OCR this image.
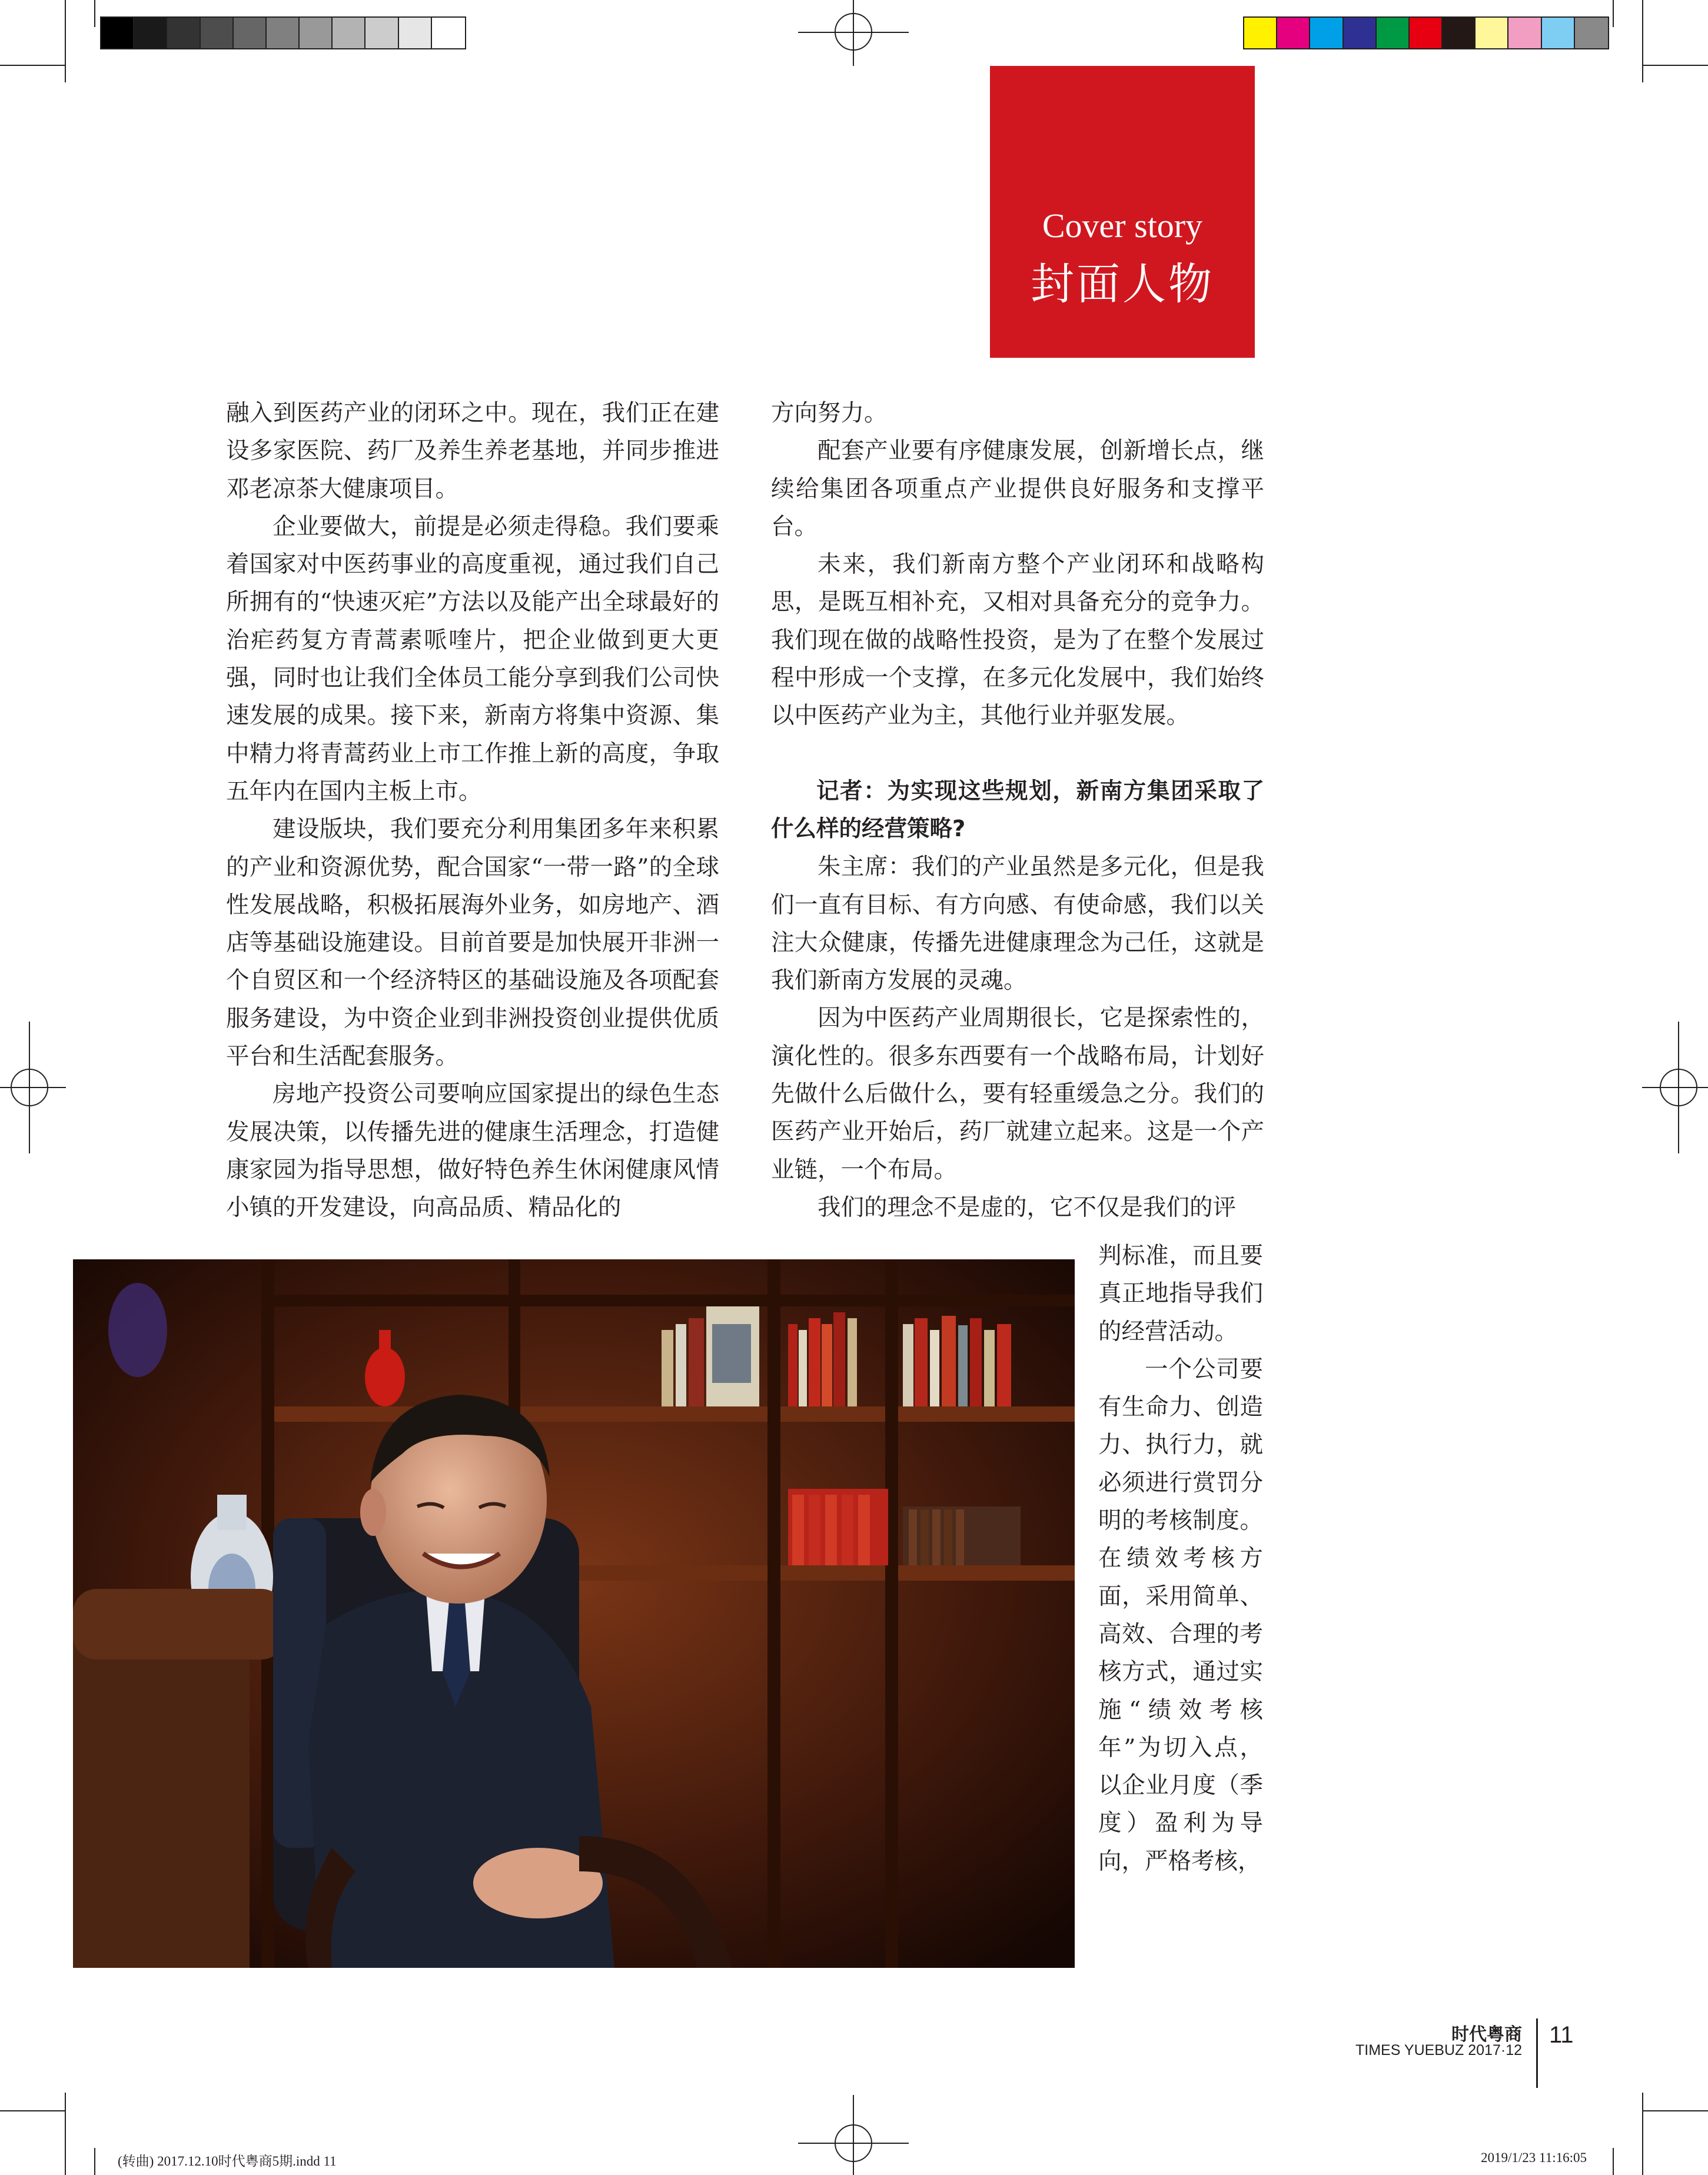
Cover story
封面人物

融入到医药产业的闭环之中。现在，我们正在建设多家医院、药厂及养生养老基地，并同步推进邓老凉茶大健康项目。

企业要做大，前提是必须走得稳。我们要乘着国家对中医药事业的高度重视，通过我们自己所拥有的“快速灭疟”方法以及能产出全球最好的治疟药复方青蒿素哌喹片，把企业做到更大更强，同时也让我们全体员工能分享到我们公司快速发展的成果。接下来，新南方将集中资源、集中精力将青蒿药业上市工作推上新的高度，争取五年内在国内主板上市。

建设版块，我们要充分利用集团多年来积累的产业和资源优势，配合国家“一带一路”的全球性发展战略，积极拓展海外业务，如房地产、酒店等基础设施建设。目前首要是加快展开非洲一个自贸区和一个经济特区的基础设施及各项配套服务建设，为中资企业到非洲投资创业提供优质平台和生活配套服务。

房地产投资公司要响应国家提出的绿色生态发展决策，以传播先进的健康生活理念，打造健康家园为指导思想，做好特色养生休闲健康风情小镇的开发建设，向高品质、精品化的

方向努力。

配套产业要有序健康发展，创新增长点，继续给集团各项重点产业提供良好服务和支撑平台。

未来，我们新南方整个产业闭环和战略构思，是既互相补充，又相对具备充分的竞争力。我们现在做的战略性投资，是为了在整个发展过程中形成一个支撑，在多元化发展中，我们始终以中医药产业为主，其他行业并驱发展。

记者：为实现这些规划，新南方集团采取了什么样的经营策略?

朱主席：我们的产业虽然是多元化，但是我们一直有目标、有方向感、有使命感，我们以关注大众健康，传播先进健康理念为己任，这就是我们新南方发展的灵魂。

因为中医药产业周期很长，它是探索性的，演化性的。很多东西要有一个战略布局，计划好先做什么后做什么，要有轻重缓急之分。我们的医药产业开始后，药厂就建立起来。这是一个产业链，一个布局。

我们的理念不是虚的，它不仅是我们的评

判标准，而且要真正地指导我们的经营活动。

一个公司要有生命力、创造力、执行力，就必须进行赏罚分明的考核制度。在绩效考核方面，采用简单、高效、合理的考核方式，通过实施“绩效考核年”为切入点，以企业月度（季度）盈利为导向，严格考核，

时代粤商
TIMES YUEBUZ 2017·12
11
(转曲) 2017.12.10时代粤商5期.indd 11	2019/1/23 11:16:05
